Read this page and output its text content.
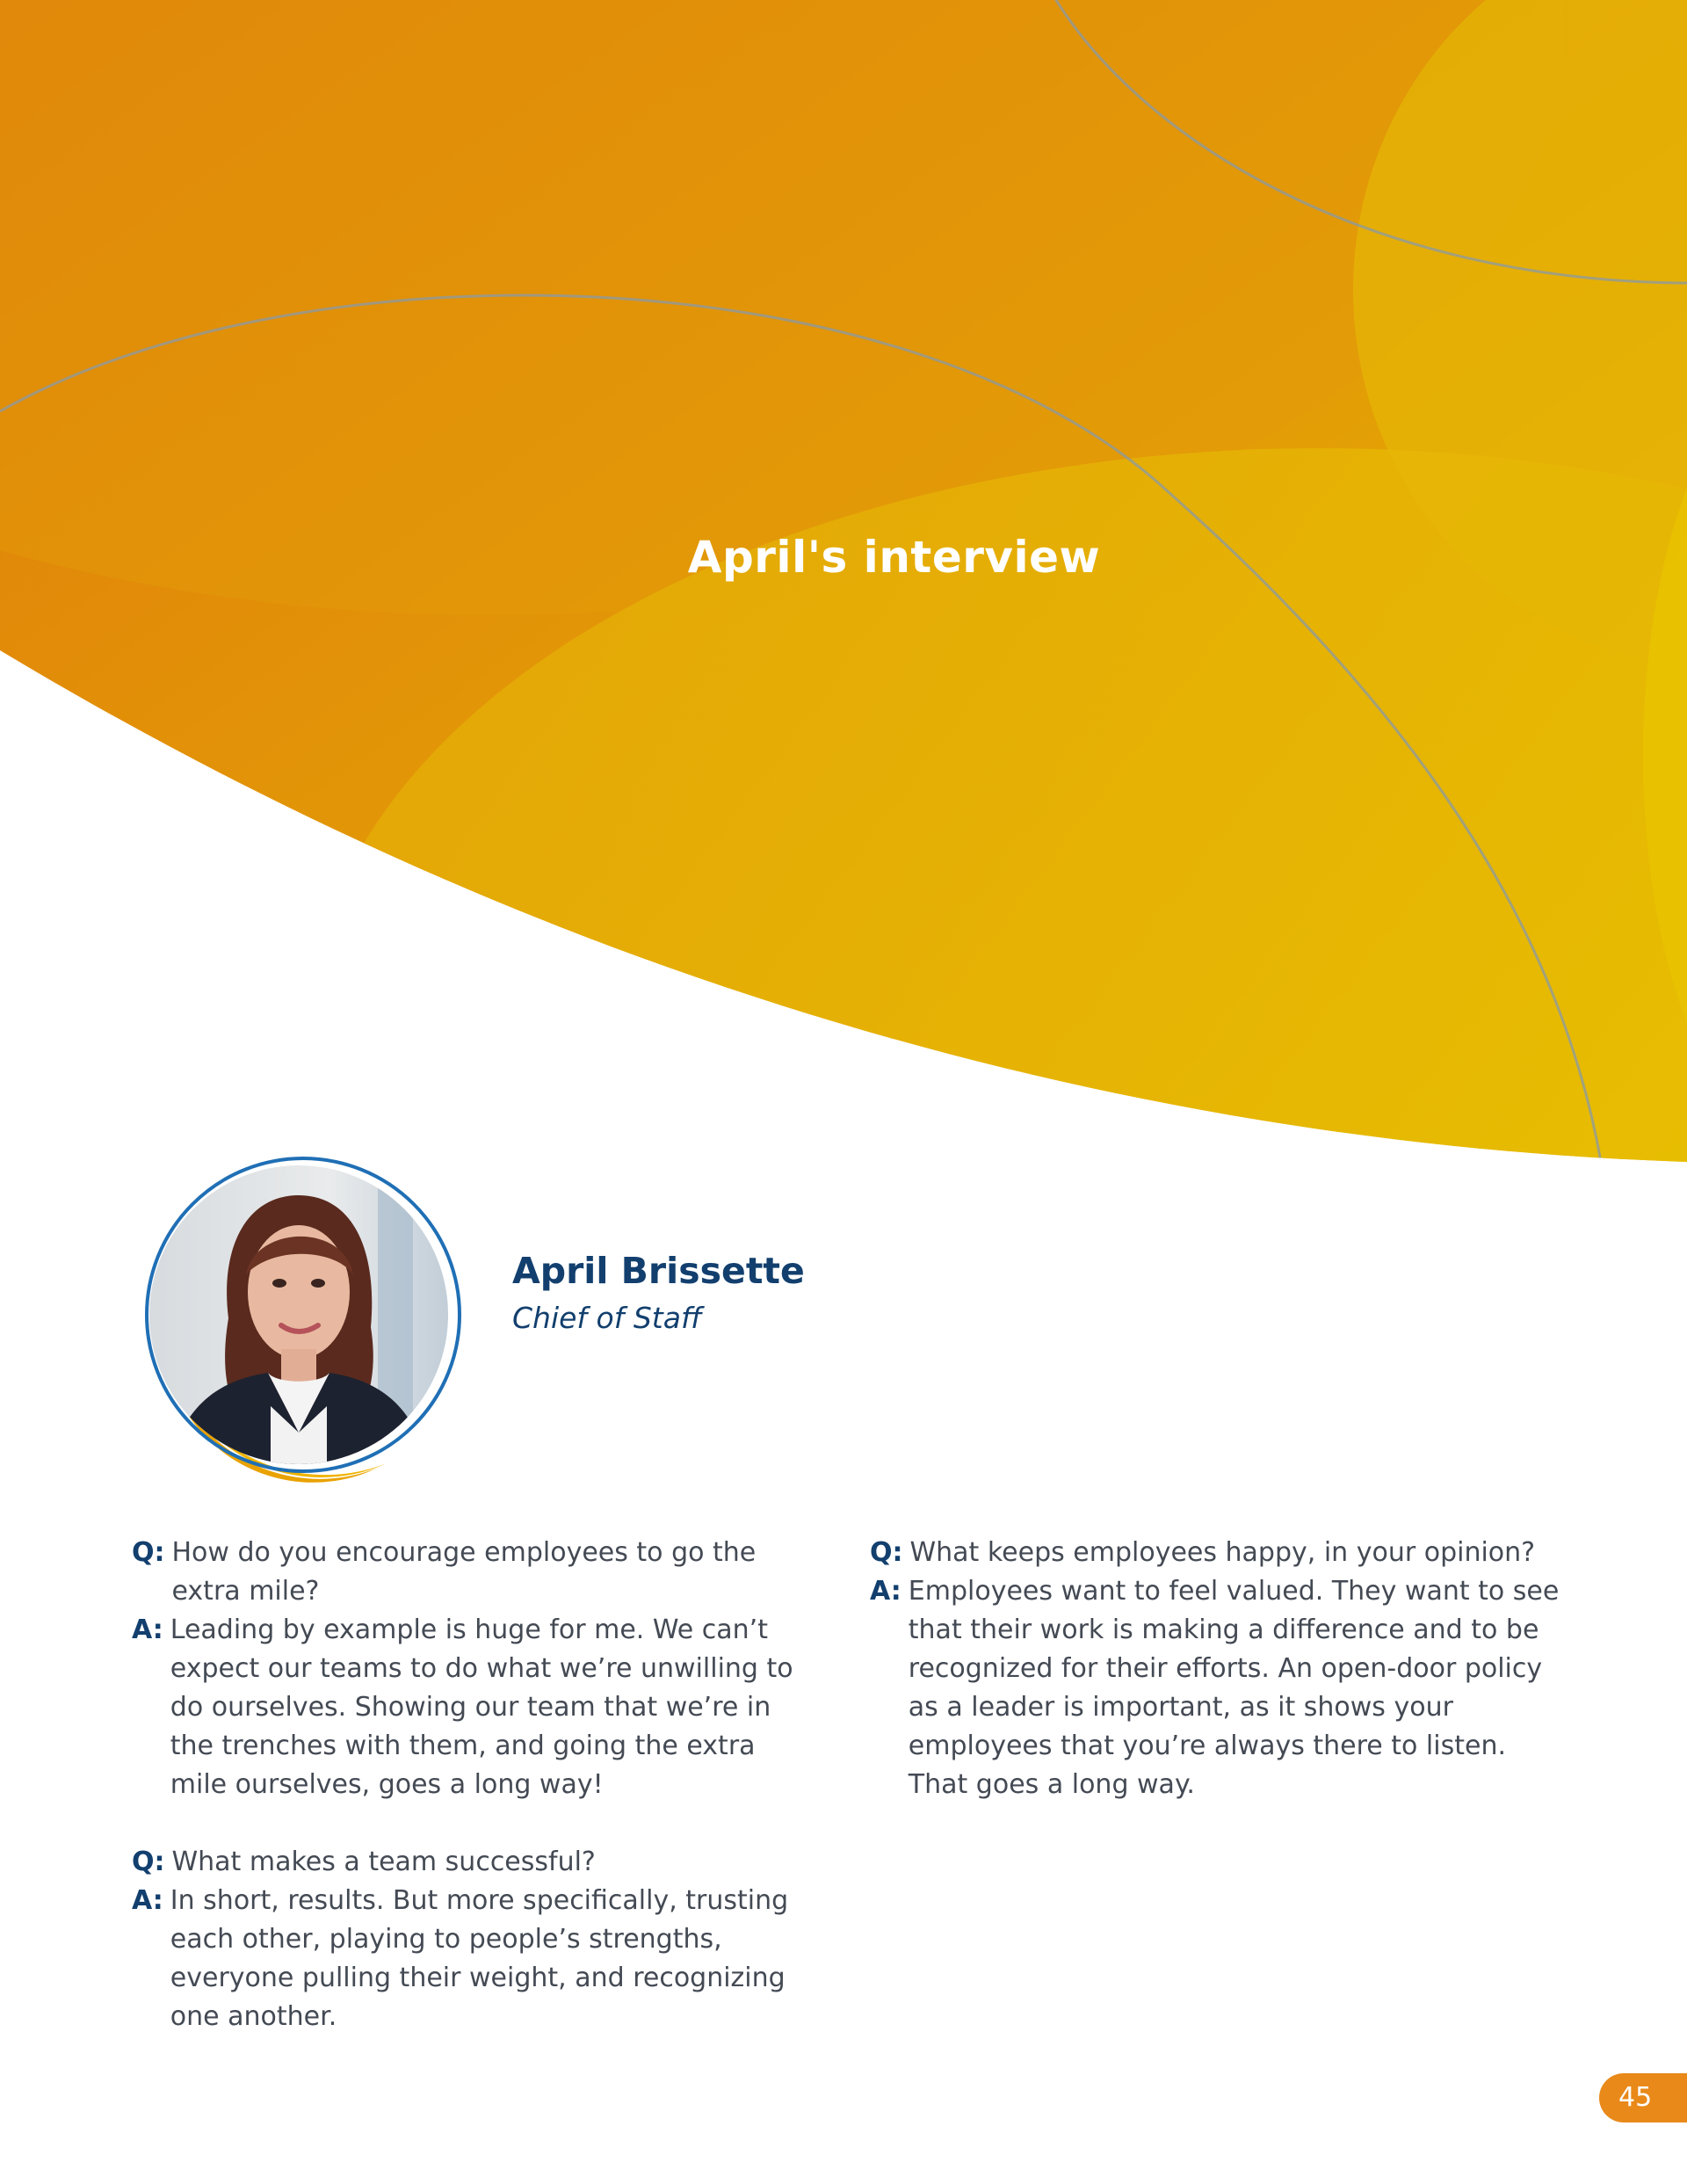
April's interview
April Brissette
Chief of Staff

Q: How do you encourage employees to go the extra mile?

A: Leading by example is huge for me. We can’t expect our teams to do what we’re unwilling to do ourselves. Showing our team that we’re in the trenches with them, and going the extra mile ourselves, goes a long way!

Q: What makes a team successful?

A: In short, results. But more specifically, trusting each other, playing to people’s strengths, everyone pulling their weight, and recognizing one another.

Q: What keeps employees happy, in your opinion?

A: Employees want to feel valued. They want to see that their work is making a difference and to be recognized for their efforts. An open-door policy as a leader is important, as it shows your employees that you’re always there to listen. That goes a long way.

45
